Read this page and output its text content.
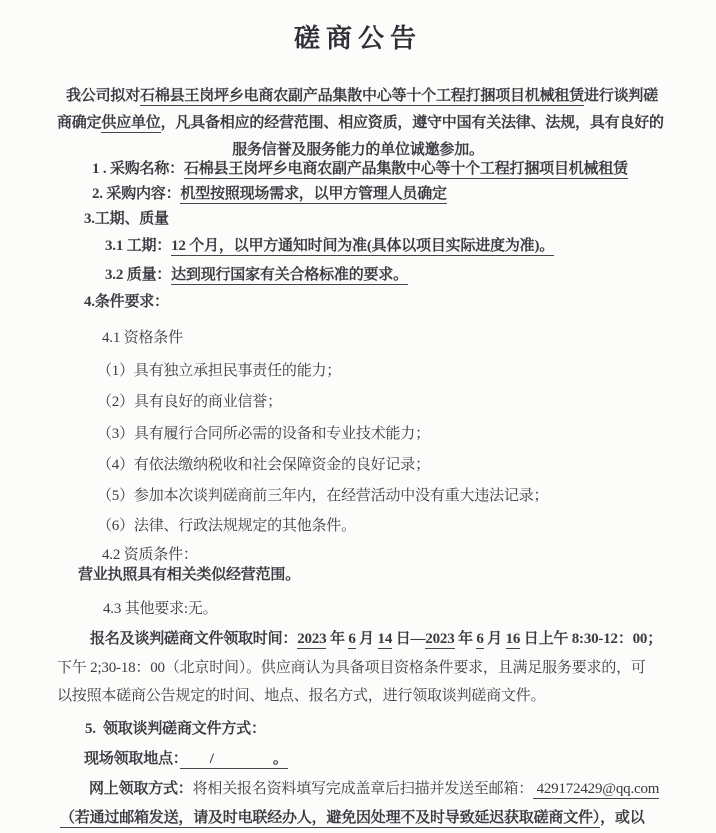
磋商公告
我公司拟对石棉县王岗坪乡电商农副产品集散中心等十个工程打捆项目机械租赁进行谈判磋
商确定供应单位，凡具备相应的经营范围、相应资质，遵守中国有关法律、法规，具有良好的
服务信誉及服务能力的单位诚邀参加。
1 . 采购名称：石棉县王岗坪乡电商农副产品集散中心等十个工程打捆项目机械租赁
2. 采购内容：机型按照现场需求，以甲方管理人员确定
3.工期、质量
3.1 工期：12 个月，以甲方通知时间为准(具体以项目实际进度为准)。
3.2 质量：达到现行国家有关合格标准的要求。
4.条件要求：
4.1 资格条件
（1）具有独立承担民事责任的能力；
（2）具有良好的商业信誉；
（3）具有履行合同所必需的设备和专业技术能力；
（4）有依法缴纳税收和社会保障资金的良好记录；
（5）参加本次谈判磋商前三年内，在经营活动中没有重大违法记录；
（6）法律、行政法规规定的其他条件。
4.2 资质条件：
营业执照具有相关类似经营范围。
4.3 其他要求:无。
报名及谈判磋商文件领取时间：2023 年 6 月 14 日—2023 年 6 月 16 日上午 8:30-12：00；
下午 2;30-18：00（北京时间）。供应商认为具备项目资格条件要求，且满足服务要求的，可
以按照本磋商公告规定的时间、地点、报名方式，进行领取谈判磋商文件。
5.  领取谈判磋商文件方式：
现场领取地点：　　/　　　　。
网上领取方式：将相关报名资料填写完成盖章后扫描并发送至邮箱： 429172429@qq.com
（若通过邮箱发送，请及时电联经办人，避免因处理不及时导致延迟获取磋商文件），或以
